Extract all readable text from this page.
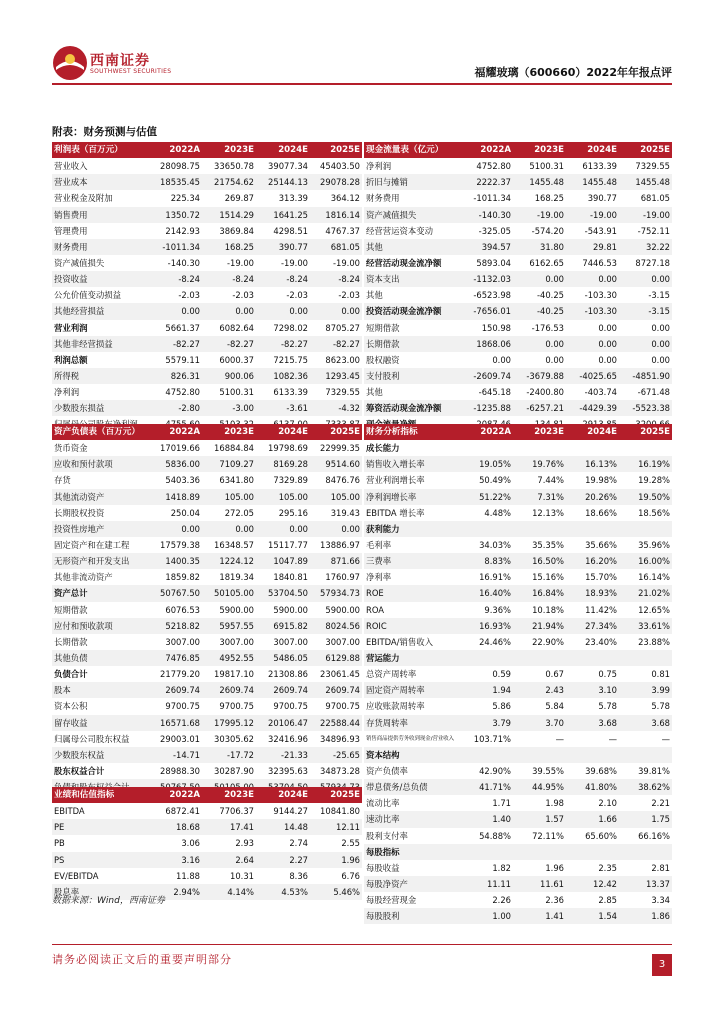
西南证券
SOUTHWEST SECURITIES	福耀玻璃（600660）2022年年报点评
附表：财务预测与估值
利润表（百万元）	2022A	2023E	2024E	2025E
营业收入	28098.75	33650.78	39077.34	45403.50
营业成本	18535.45	21754.62	25144.13	29078.28
营业税金及附加	225.34	269.87	313.39	364.12
销售费用	1350.72	1514.29	1641.25	1816.14
管理费用	2142.93	3869.84	4298.51	4767.37
财务费用	-1011.34	168.25	390.77	681.05
资产减值损失	-140.30	-19.00	-19.00	-19.00
投资收益	-8.24	-8.24	-8.24	-8.24
公允价值变动损益	-2.03	-2.03	-2.03	-2.03
其他经营损益	0.00	0.00	0.00	0.00
营业利润	5661.37	6082.64	7298.02	8705.27
其他非经营损益	-82.27	-82.27	-82.27	-82.27
利润总额	5579.11	6000.37	7215.75	8623.00
所得税	826.31	900.06	1082.36	1293.45
净利润	4752.80	5100.31	6133.39	7329.55
少数股东损益	-2.80	-3.00	-3.61	-4.32

现金流量表（亿元）	2022A	2023E	2024E	2025E
净利润	4752.80	5100.31	6133.39	7329.55
折旧与摊销	2222.37	1455.48	1455.48	1455.48
财务费用	-1011.34	168.25	390.77	681.05
资产减值损失	-140.30	-19.00	-19.00	-19.00
经营营运资本变动	-325.05	-574.20	-543.91	-752.11
其他	394.57	31.80	29.81	32.22
经营活动现金流净额	5893.04	6162.65	7446.53	8727.18
资本支出	-1132.03	0.00	0.00	0.00
其他	-6523.98	-40.25	-103.30	-3.15
投资活动现金流净额	-7656.01	-40.25	-103.30	-3.15
短期借款	150.98	-176.53	0.00	0.00
长期借款	1868.06	0.00	0.00	0.00
股权融资	0.00	0.00	0.00	0.00
支付股利	-2609.74	-3679.88	-4025.65	-4851.90
其他	-645.18	-2400.80	-403.74	-671.48
筹资活动现金流净额	-1235.88	-6257.21	-4429.39	-5523.38

资产负债表（百万元）	2022A	2023E	2024E	2025E
货币资金	17019.66	16884.84	19798.69	22999.35
应收和预付款项	5836.00	7109.27	8169.28	9514.60
存货	5403.36	6341.80	7329.89	8476.76
其他流动资产	1418.89	105.00	105.00	105.00
长期股权投资	250.04	272.05	295.16	319.43
投资性房地产	0.00	0.00	0.00	0.00
固定资产和在建工程	17579.38	16348.57	15117.77	13886.97
无形资产和开发支出	1400.35	1224.12	1047.89	871.66
其他非流动资产	1859.82	1819.34	1840.81	1760.97
资产总计	50767.50	50105.00	53704.50	57934.73
短期借款	6076.53	5900.00	5900.00	5900.00
应付和预收款项	5218.82	5957.55	6915.82	8024.56
长期借款	3007.00	3007.00	3007.00	3007.00
其他负债	7476.85	4952.55	5486.05	6129.88
负债合计	21779.20	19817.10	21308.86	23061.45
股本	2609.74	2609.74	2609.74	2609.74
资本公积	9700.75	9700.75	9700.75	9700.75
留存收益	16571.68	17995.12	20106.47	22588.44
归属母公司股东权益	29003.01	30305.62	32416.96	34896.93
少数股东权益	-14.71	-17.72	-21.33	-25.65
股东权益合计	28988.30	30287.90	32395.63	34873.28

财务分析指标	2022A	2023E	2024E	2025E
成长能力				
销售收入增长率	19.05%	19.76%	16.13%	16.19%
营业利润增长率	50.49%	7.44%	19.98%	19.28%
净利润增长率	51.22%	7.31%	20.26%	19.50%
EBITDA 增长率	4.48%	12.13%	18.66%	18.56%
获利能力				
毛利率	34.03%	35.35%	35.66%	35.96%
三费率	8.83%	16.50%	16.20%	16.00%
净利率	16.91%	15.16%	15.70%	16.14%
ROE	16.40%	16.84%	18.93%	21.02%
ROA	9.36%	10.18%	11.42%	12.65%
ROIC	16.93%	21.94%	27.34%	33.61%
EBITDA/销售收入	24.46%	22.90%	23.40%	23.88%
营运能力				
总资产周转率	0.59	0.67	0.75	0.81
固定资产周转率	1.94	2.43	3.10	3.99
应收账款周转率	5.86	5.84	5.78	5.78
存货周转率	3.79	3.70	3.68	3.68
销售商品提供劳务收到现金/营业收入	103.71%	—	—	—
资本结构				
资产负债率	42.90%	39.55%	39.68%	39.81%
带息债务/总负债	41.71%	44.95%	41.80%	38.62%
流动比率	1.71	1.98	2.10	2.21
速动比率	1.40	1.57	1.66	1.75
股利支付率	54.88%	72.11%	65.60%	66.16%
每股指标				
每股收益	1.82	1.96	2.35	2.81
每股净资产	11.11	11.61	12.42	13.37
每股经营现金	2.26	2.36	2.85	3.34
每股股利	1.00	1.41	1.54	1.86
业绩和估值指标	2022A	2023E	2024E	2025E
EBITDA	6872.41	7706.37	9144.27	10841.80
PE	18.68	17.41	14.48	12.11
PB	3.06	2.93	2.74	2.55
PS	3.16	2.64	2.27	1.96
EV/EBITDA	11.88	10.31	8.36	6.76
股息率	2.94%	4.14%	4.53%	5.46%
数据来源：Wind，西南证券
请务必阅读正文后的重要声明部分	3
